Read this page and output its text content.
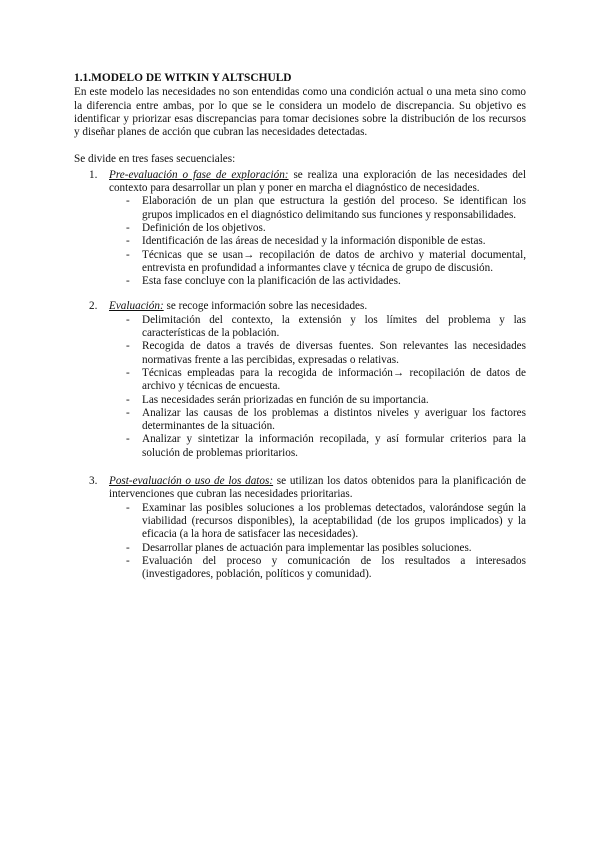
1.1.MODELO DE WITKIN Y ALTSCHULD

En este modelo las necesidades no son entendidas como una condición actual o una meta sino como la diferencia entre ambas, por lo que se le considera un modelo de discrepancia. Su objetivo es identificar y priorizar esas discrepancias para tomar decisiones sobre la distribución de los recursos y diseñar planes de acción que cubran las necesidades detectadas.

Se divide en tres fases secuenciales:

1.	Pre-evaluación o fase de exploración: se realiza una exploración de las necesidades del contexto para desarrollar un plan y poner en marcha el diagnóstico de necesidades.
- Elaboración de un plan que estructura la gestión del proceso. Se identifican los grupos implicados en el diagnóstico delimitando sus funciones y responsabilidades.
- Definición de los objetivos.
- Identificación de las áreas de necesidad y la información disponible de estas.
- Técnicas que se usan→ recopilación de datos de archivo y material documental, entrevista en profundidad a informantes clave y técnica de grupo de discusión.
- Esta fase concluye con la planificación de las actividades.
2.	Evaluación: se recoge información sobre las necesidades.
- Delimitación del contexto, la extensión y los límites del problema y las características de la población.
- Recogida de datos a través de diversas fuentes. Son relevantes las necesidades normativas frente a las percibidas, expresadas o relativas.
- Técnicas empleadas para la recogida de información→ recopilación de datos de archivo y técnicas de encuesta.
- Las necesidades serán priorizadas en función de su importancia.
- Analizar las causas de los problemas a distintos niveles y averiguar los factores determinantes de la situación.
- Analizar y sintetizar la información recopilada, y así formular criterios para la solución de problemas prioritarios.
3.	Post-evaluación o uso de los datos: se utilizan los datos obtenidos para la planificación de intervenciones que cubran las necesidades prioritarias.
- Examinar las posibles soluciones a los problemas detectados, valorándose según la viabilidad (recursos disponibles), la aceptabilidad (de los grupos implicados) y la eficacia (a la hora de satisfacer las necesidades).
- Desarrollar planes de actuación para implementar las posibles soluciones.
- Evaluación del proceso y comunicación de los resultados a interesados (investigadores, población, políticos y comunidad).
